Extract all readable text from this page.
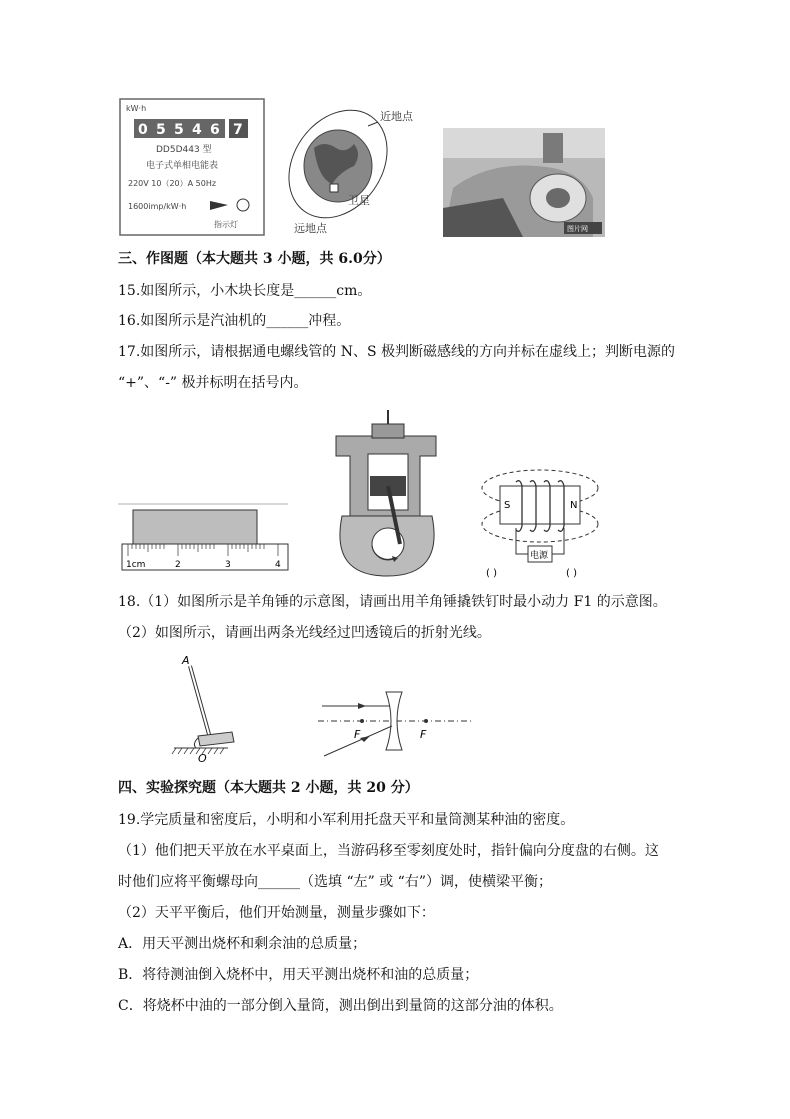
kW·h
0 5 5 4 6 7
DD5D443 型
电子式单相电能表
220V 10（20）A 50Hz
1600imp/kW·h
指示灯
近地点
卫星
远地点	图片网
三、作图题（本大题共 3 小题，共 6.0分）
15.如图所示，小木块长度是______cm。
16.如图所示是汽油机的______冲程。
17.如图所示，请根据通电螺线管的 N、S 极判断磁感线的方向并标在虚线上；判断电源的
“+”、“-” 极并标明在括号内。
1cm	2	3	4
S	N
电源
( )	( )
18.（1）如图所示是羊角锤的示意图，请画出用羊角锤撬铁钉时最小动力 F1 的示意图。
（2）如图所示，请画出两条光线经过凹透镜后的折射光线。
A
O
F	F
四、实验探究题（本大题共 2 小题，共 20 分）
19.学完质量和密度后，小明和小军利用托盘天平和量筒测某种油的密度。
（1）他们把天平放在水平桌面上，当游码移至零刻度处时，指针偏向分度盘的右侧。这
时他们应将平衡螺母向______（选填 “左” 或 “右”）调，使横梁平衡；
（2）天平平衡后，他们开始测量，测量步骤如下：
A．用天平测出烧杯和剩余油的总质量；
B．将待测油倒入烧杯中，用天平测出烧杯和油的总质量；
C．将烧杯中油的一部分倒入量筒，测出倒出到量筒的这部分油的体积。
